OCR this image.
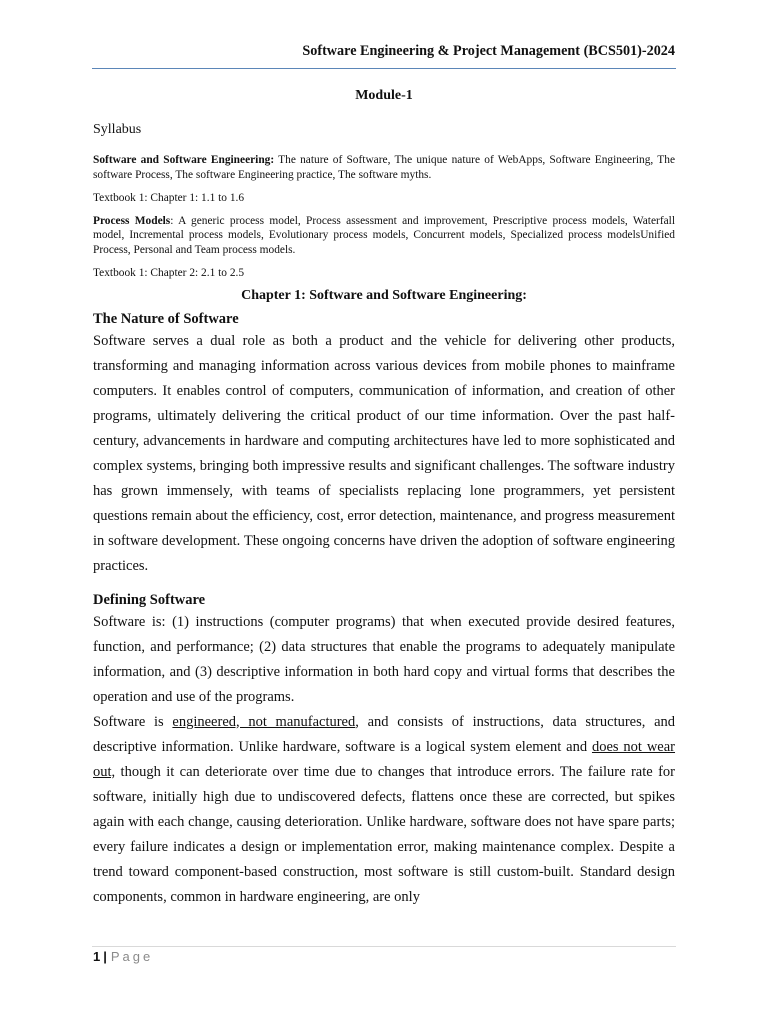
Software Engineering & Project Management (BCS501)-2024

Module-1

Syllabus

Software and Software Engineering: The nature of Software, The unique nature of WebApps, Software Engineering, The software Process, The software Engineering practice, The software myths.

Textbook 1: Chapter 1: 1.1 to 1.6

Process Models: A generic process model, Process assessment and improvement, Prescriptive process models, Waterfall model, Incremental process models, Evolutionary process models, Concurrent models, Specialized process modelsUnified Process, Personal and Team process models.

Textbook 1: Chapter 2: 2.1 to 2.5

Chapter 1: Software and Software Engineering:

The Nature of Software

Software serves a dual role as both a product and the vehicle for delivering other products, transforming and managing information across various devices from mobile phones to mainframe computers. It enables control of computers, communication of information, and creation of other programs, ultimately delivering the critical product of our time information. Over the past half-century, advancements in hardware and computing architectures have led to more sophisticated and complex systems, bringing both impressive results and significant challenges. The software industry has grown immensely, with teams of specialists replacing lone programmers, yet persistent questions remain about the efficiency, cost, error detection, maintenance, and progress measurement in software development. These ongoing concerns have driven the adoption of software engineering practices.

Defining Software

Software is: (1) instructions (computer programs) that when executed provide desired features, function, and performance; (2) data structures that enable the programs to adequately manipulate information, and (3) descriptive information in both hard copy and virtual forms that describes the operation and use of the programs.

Software is engineered, not manufactured, and consists of instructions, data structures, and descriptive information. Unlike hardware, software is a logical system element and does not wear out, though it can deteriorate over time due to changes that introduce errors. The failure rate for software, initially high due to undiscovered defects, flattens once these are corrected, but spikes again with each change, causing deterioration. Unlike hardware, software does not have spare parts; every failure indicates a design or implementation error, making maintenance complex. Despite a trend toward component-based construction, most software is still custom-built. Standard design components, common in hardware engineering, are only

1 | Page
